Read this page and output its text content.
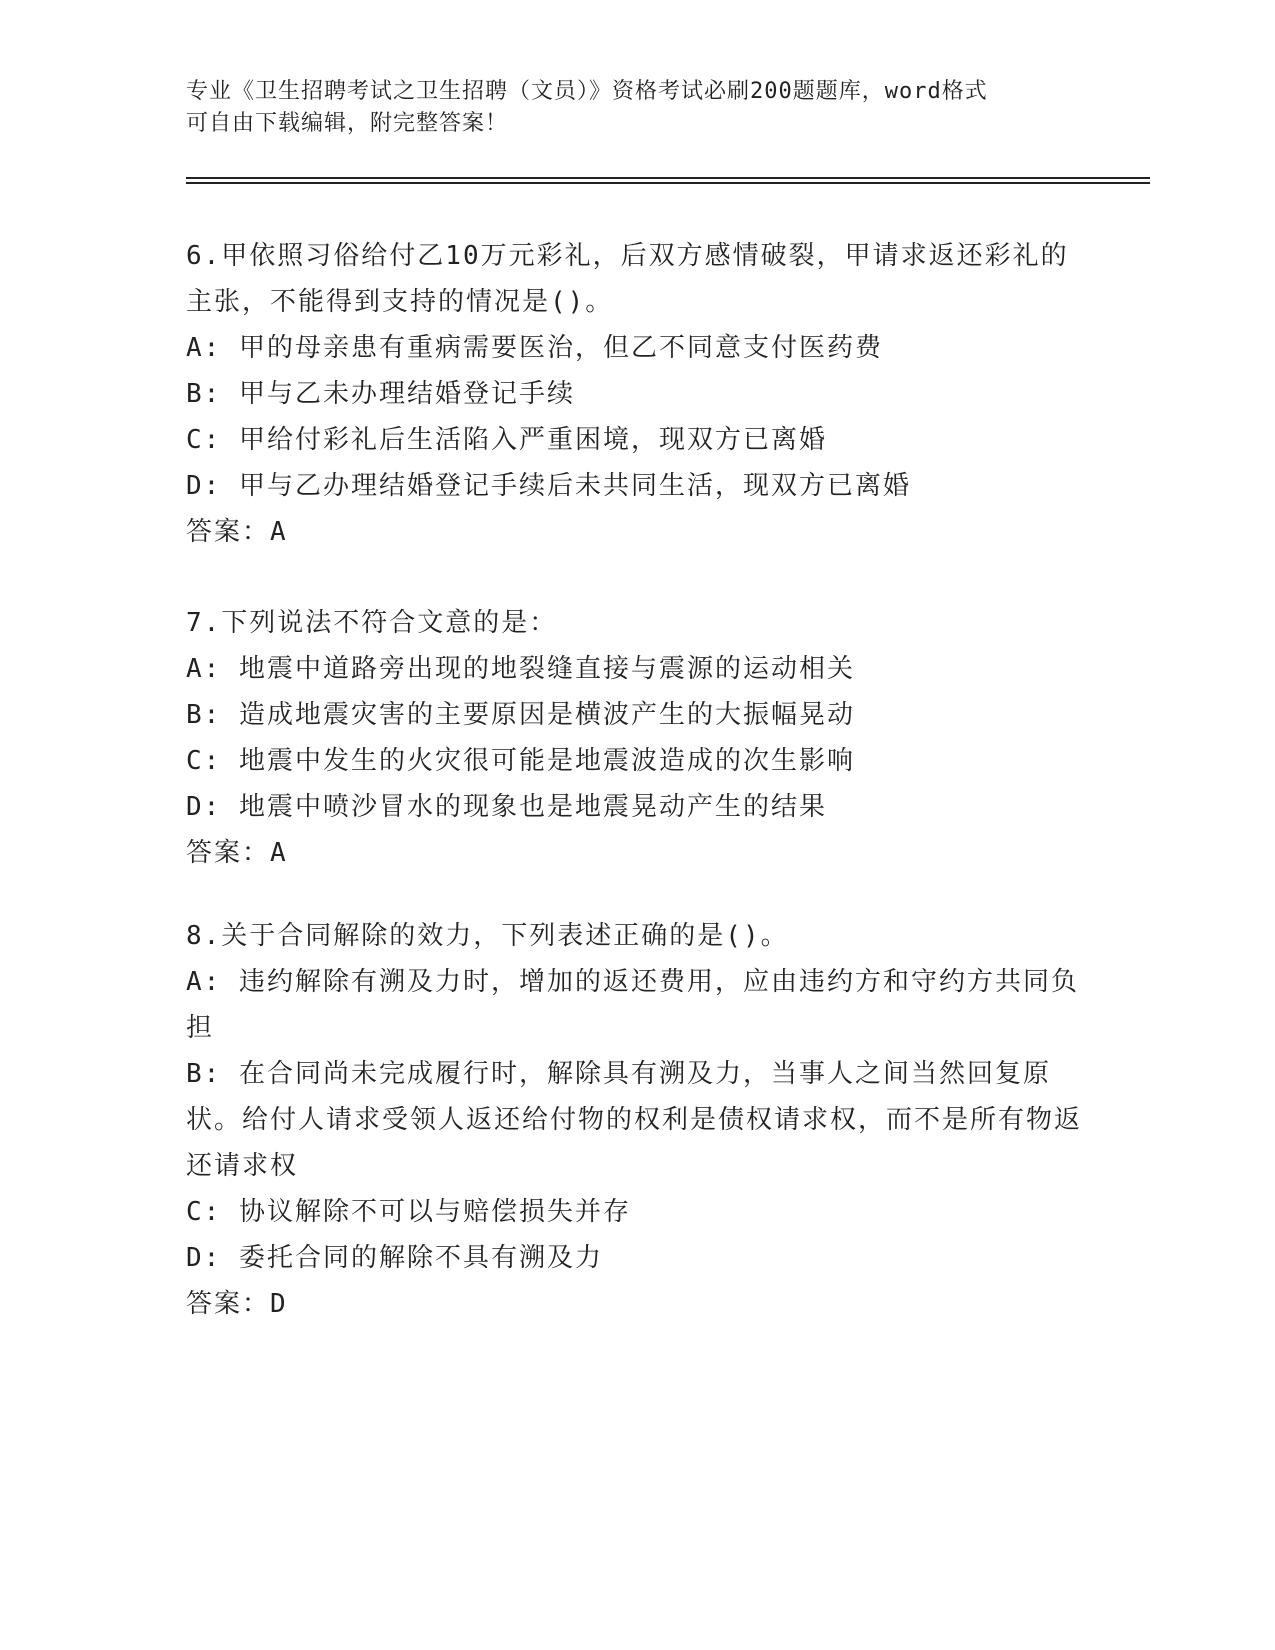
专业《卫生招聘考试之卫生招聘（文员）》资格考试必刷200题题库，word格式
可自由下载编辑，附完整答案！
6.甲依照习俗给付乙10万元彩礼，后双方感情破裂，甲请求返还彩礼的主张，不能得到支持的情况是()。
A: 甲的母亲患有重病需要医治，但乙不同意支付医药费
B: 甲与乙未办理结婚登记手续
C: 甲给付彩礼后生活陷入严重困境，现双方已离婚
D: 甲与乙办理结婚登记手续后未共同生活，现双方已离婚
答案：A
7.下列说法不符合文意的是：
A: 地震中道路旁出现的地裂缝直接与震源的运动相关
B: 造成地震灾害的主要原因是横波产生的大振幅晃动
C: 地震中发生的火灾很可能是地震波造成的次生影响
D: 地震中喷沙冒水的现象也是地震晃动产生的结果
答案：A
8.关于合同解除的效力，下列表述正确的是()。
A: 违约解除有溯及力时，增加的返还费用，应由违约方和守约方共同负担
B: 在合同尚未完成履行时，解除具有溯及力，当事人之间当然回复原状。给付人请求受领人返还给付物的权利是债权请求权，而不是所有物返还请求权
C: 协议解除不可以与赔偿损失并存
D: 委托合同的解除不具有溯及力
答案：D
